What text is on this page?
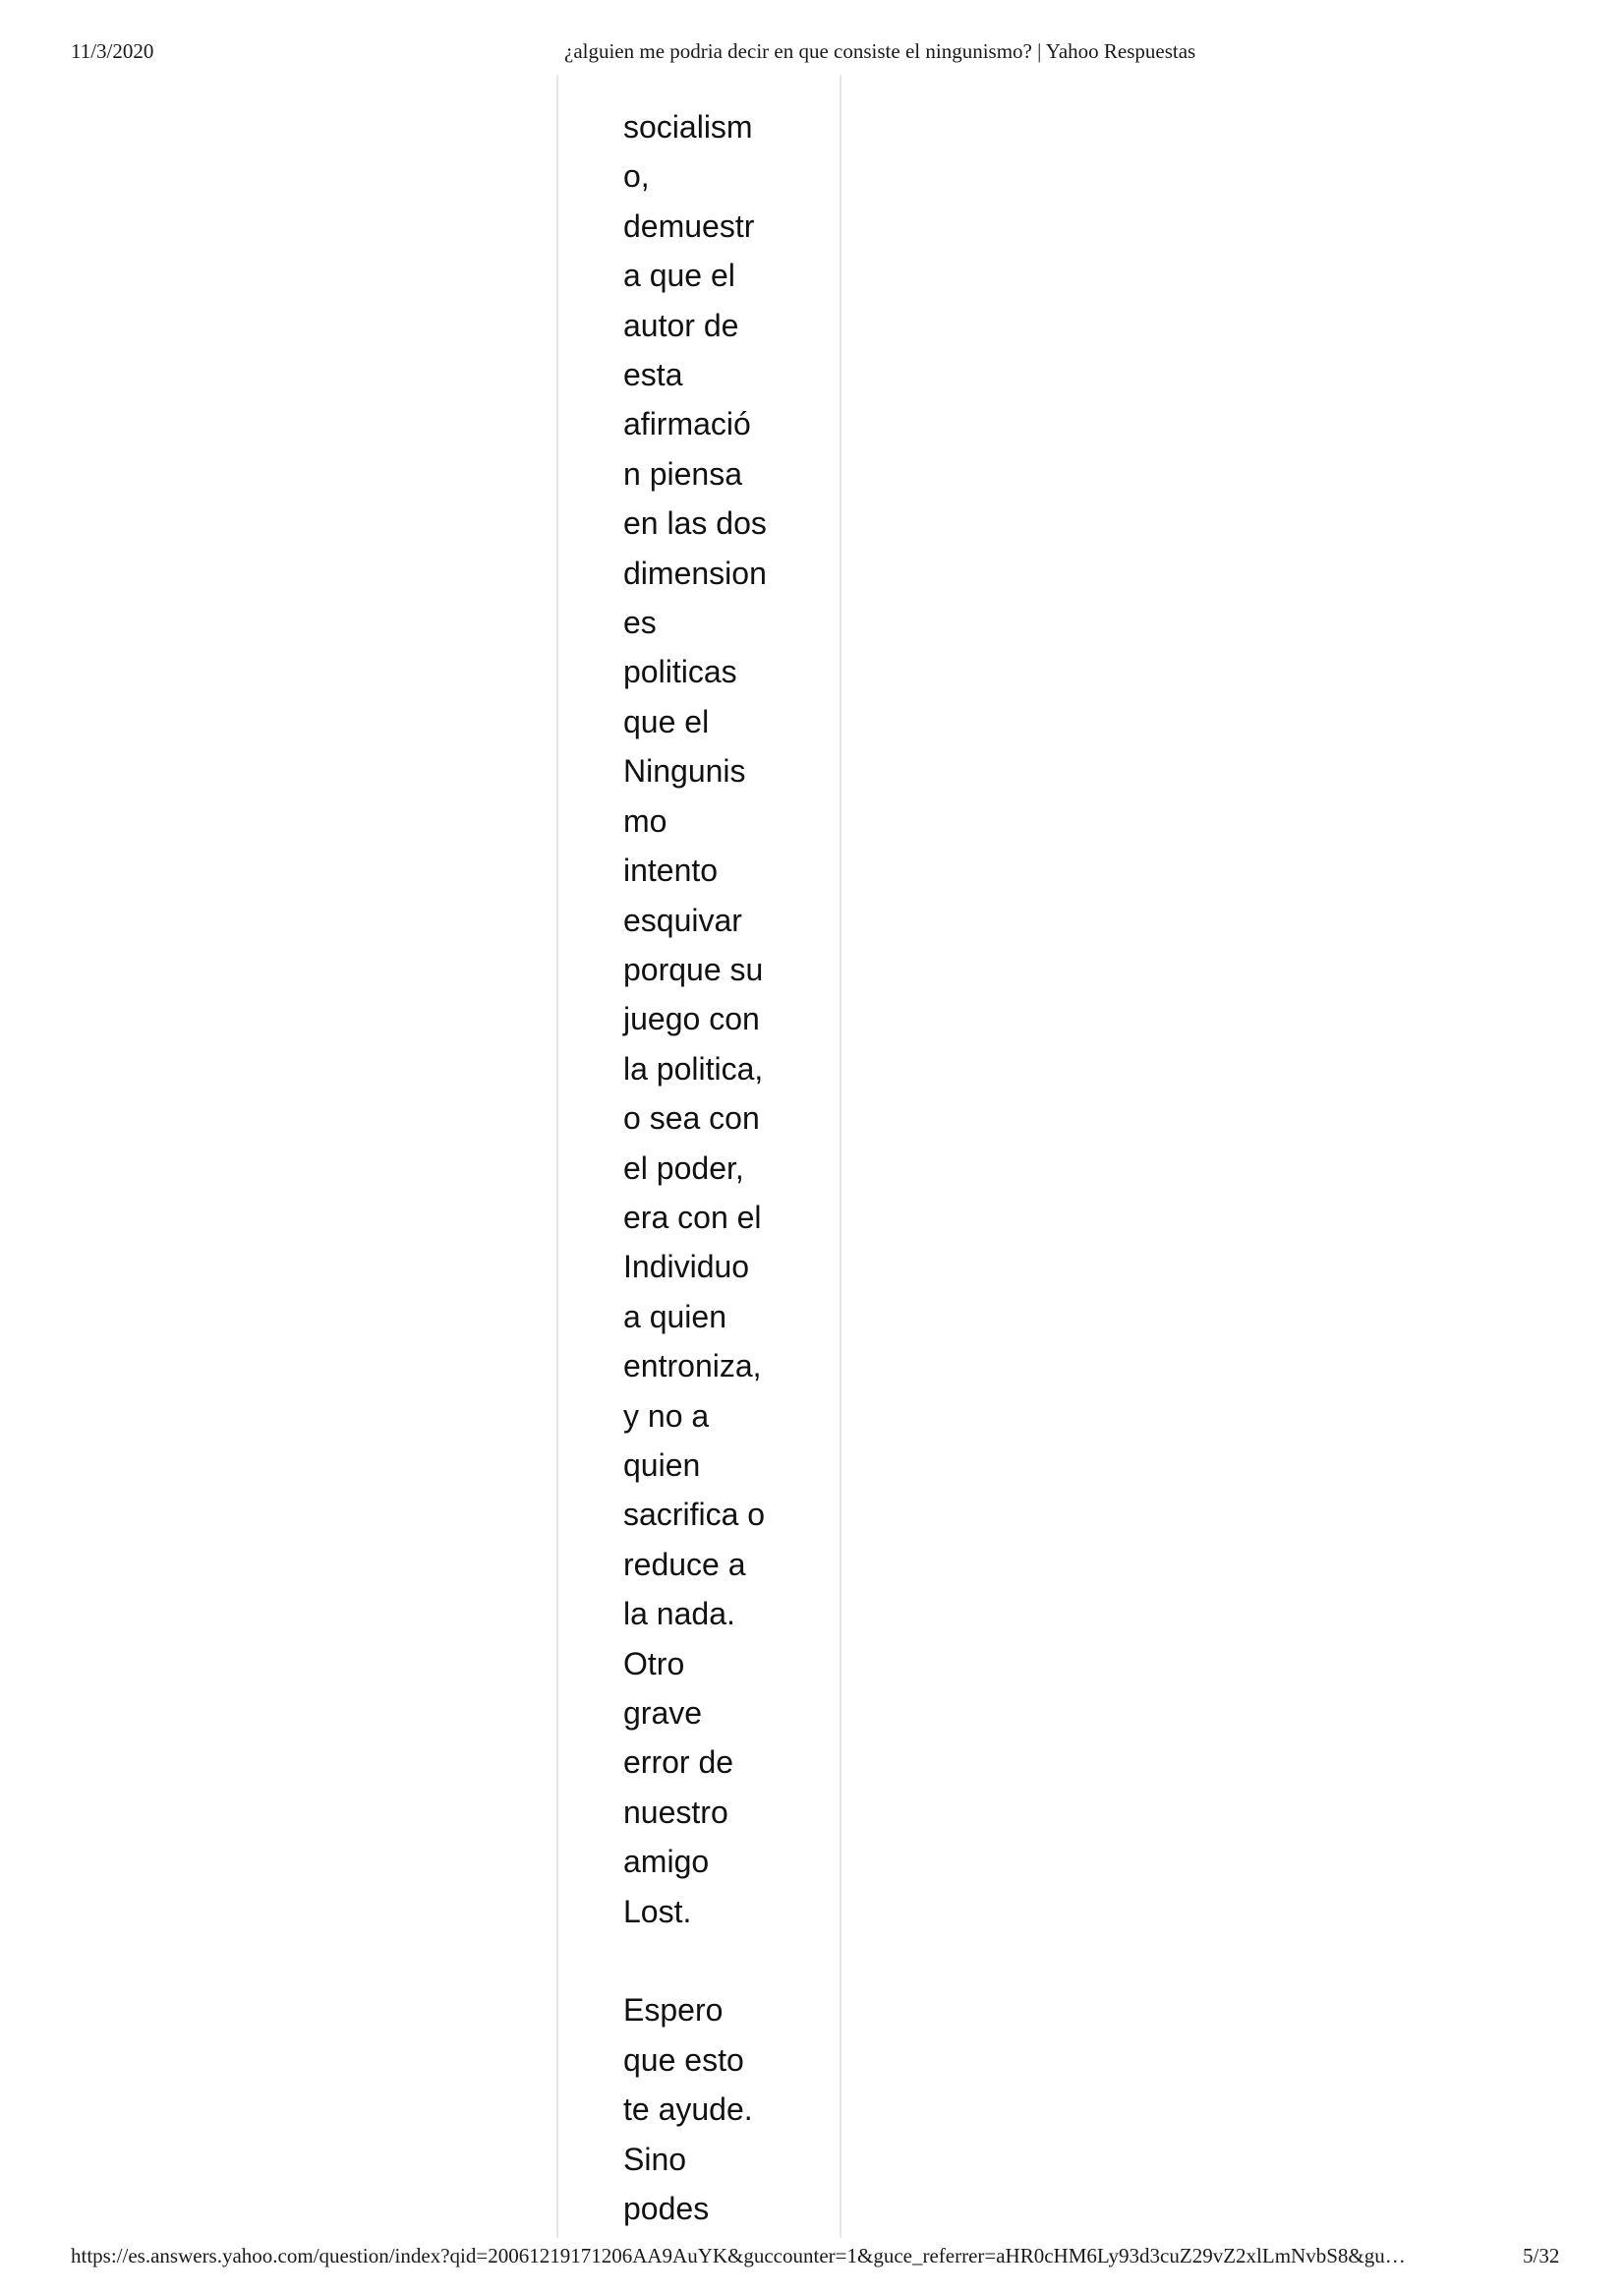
11/3/2020	¿alguien me podria decir en que consiste el ningunismo? | Yahoo Respuestas

socialism
o,
demuestr
a que el
autor de
esta
afirmació
n piensa
en las dos
dimension
es
politicas
que el
Ningunis
mo
intento
esquivar
porque su
juego con
la politica,
o sea con
el poder,
era con el
Individuo
a quien
entroniza,
y no a
quien
sacrifica o
reduce a
la nada.
Otro
grave
error de
nuestro
amigo
Lost.

Espero
que esto
te ayude.
Sino
podes

https://es.answers.yahoo.com/question/index?qid=20061219171206AA9AuYK&guccounter=1&guce_referrer=aHR0cHM6Ly93d3cuZ29vZ2xlLmNvbS8&gu…	5/32
